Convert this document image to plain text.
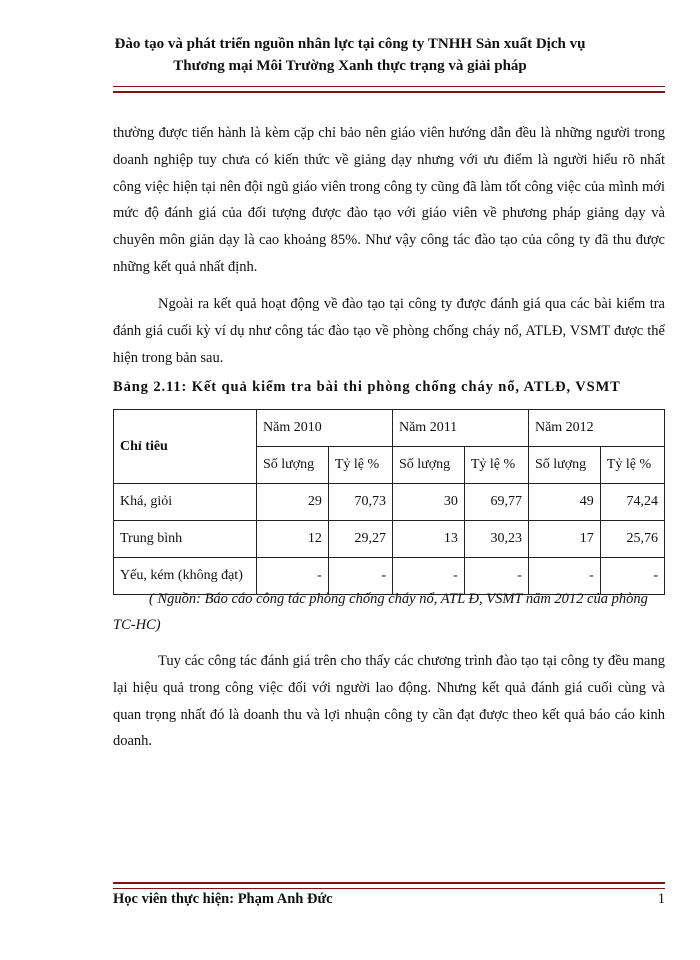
Đào tạo và phát triển nguồn nhân lực tại công ty TNHH Sản xuất Dịch vụ
Thương mại Môi Trường Xanh thực trạng và giải pháp

thường được tiến hành là kèm cặp chỉ bảo nên giáo viên hướng dẫn đều là những người trong doanh nghiệp tuy chưa có kiến thức về giảng dạy nhưng với ưu điểm là người hiểu rõ nhất công việc hiện tại nên đội ngũ giáo viên trong công ty cũng đã làm tốt công việc của mình mới mức độ đánh giá của đối tượng được đào tạo với giáo viên về phương pháp giảng dạy và chuyên môn giản dạy là cao khoảng 85%. Như vậy công tác đào tạo của công ty đã thu được những kết quả nhất định.

Ngoài ra kết quả hoạt động về đào tạo tại công ty được đánh giá qua các bài kiểm tra đánh giá cuối kỳ ví dụ như công tác đào tạo về phòng chống cháy nổ, ATLĐ, VSMT được thể hiện trong bản sau.

Bảng 2.11: Kết quả kiểm tra bài thi phòng chống cháy nổ, ATLĐ, VSMT
Chỉ tiêu	Năm 2010		Năm 2011		Năm 2012	
	Số lượng	Tỷ lệ %	Số lượng	Tỷ lệ %	Số lượng	Tỷ lệ %
Khá, giỏi	29	70,73	30	69,77	49	74,24
Trung bình	12	29,27	13	30,23	17	25,76
Yếu, kém (không đạt)	-	-	-	-	-	-

( Nguồn: Báo cáo công tác phòng chống cháy nổ, ATL Đ, VSMT năm 2012 của phòng TC-HC)

Tuy các công tác đánh giá trên cho thấy các chương trình đào tạo tại công ty đều mang lại hiệu quả trong công việc đối với người lao động. Nhưng kết quả đánh giá cuối cùng và quan trọng nhất đó là doanh thu và lợi nhuận công ty cần đạt được theo kết quả báo cáo kinh doanh.

Học viên thực hiện: Phạm Anh Đức	1
